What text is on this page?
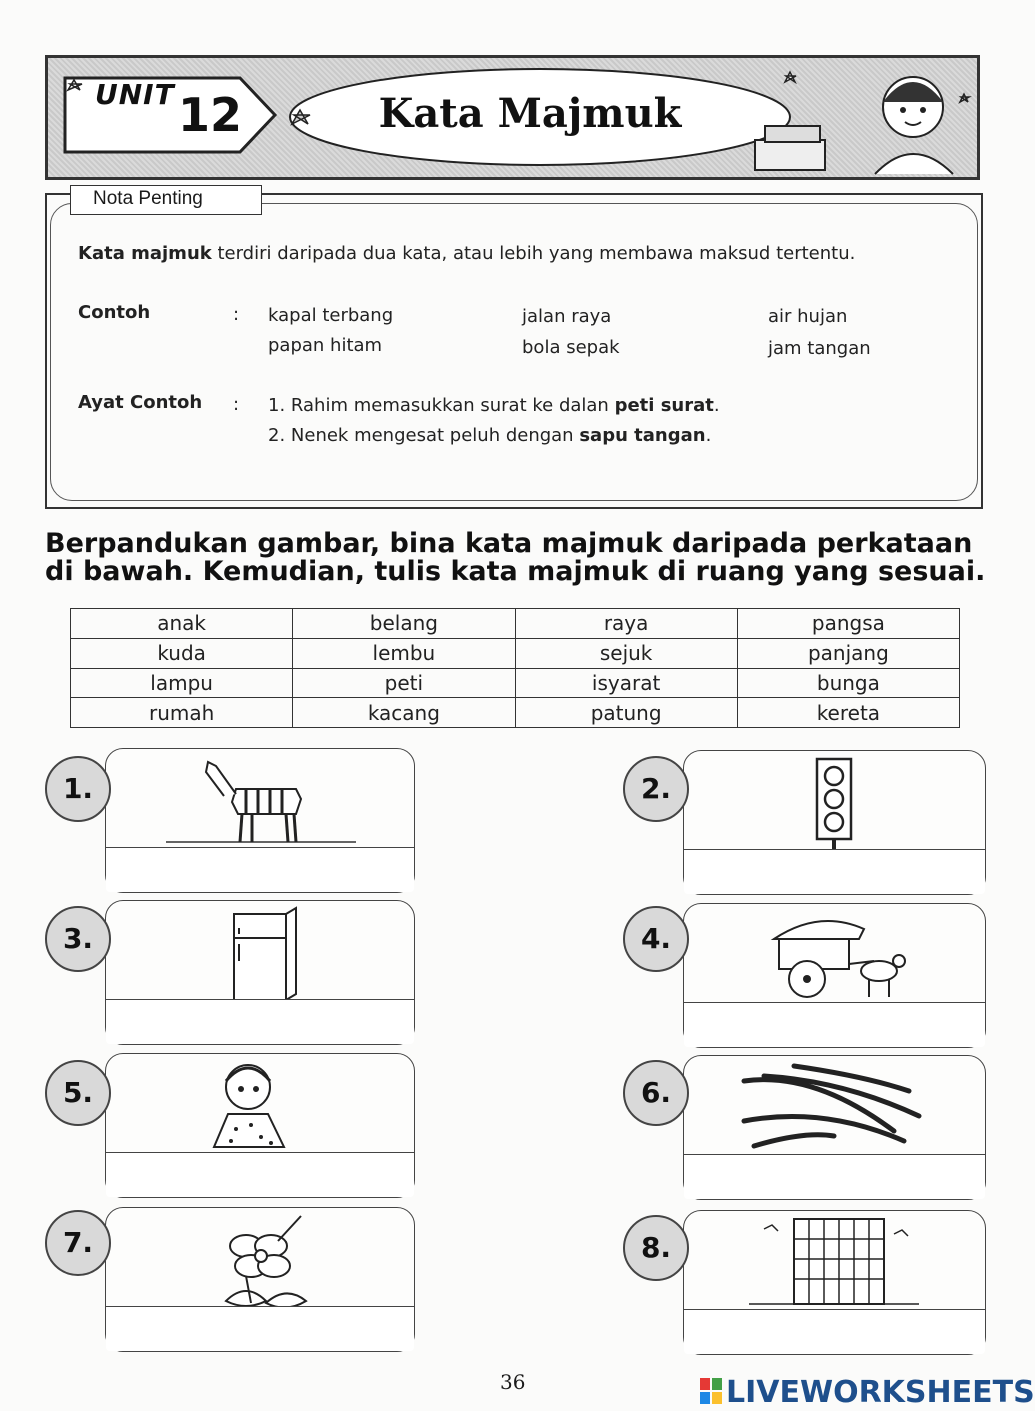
UNIT 12	Kata Majmuk
Nota Penting
Kata majmuk terdiri daripada dua kata, atau lebih yang membawa maksud tertentu.
Contoh	: kapal terbang	jalan raya	air hujan
papan hitam	bola sepak	jam tangan
Ayat Contoh : 1. Rahim memasukkan surat ke dalan peti surat.
2. Nenek mengesat peluh dengan sapu tangan.
Berpandukan gambar, bina kata majmuk daripada perkataan
di bawah. Kemudian, tulis kata majmuk di ruang yang sesuai.
anak	belang	raya	pangsa
kuda	lembu	sejuk	panjang
lampu	peti	isyarat	bunga
rumah	kacang	patung	kereta
1.	2.
3.	4.
5.	6.
7.	8.
36	LIVEWORKSHEETS
